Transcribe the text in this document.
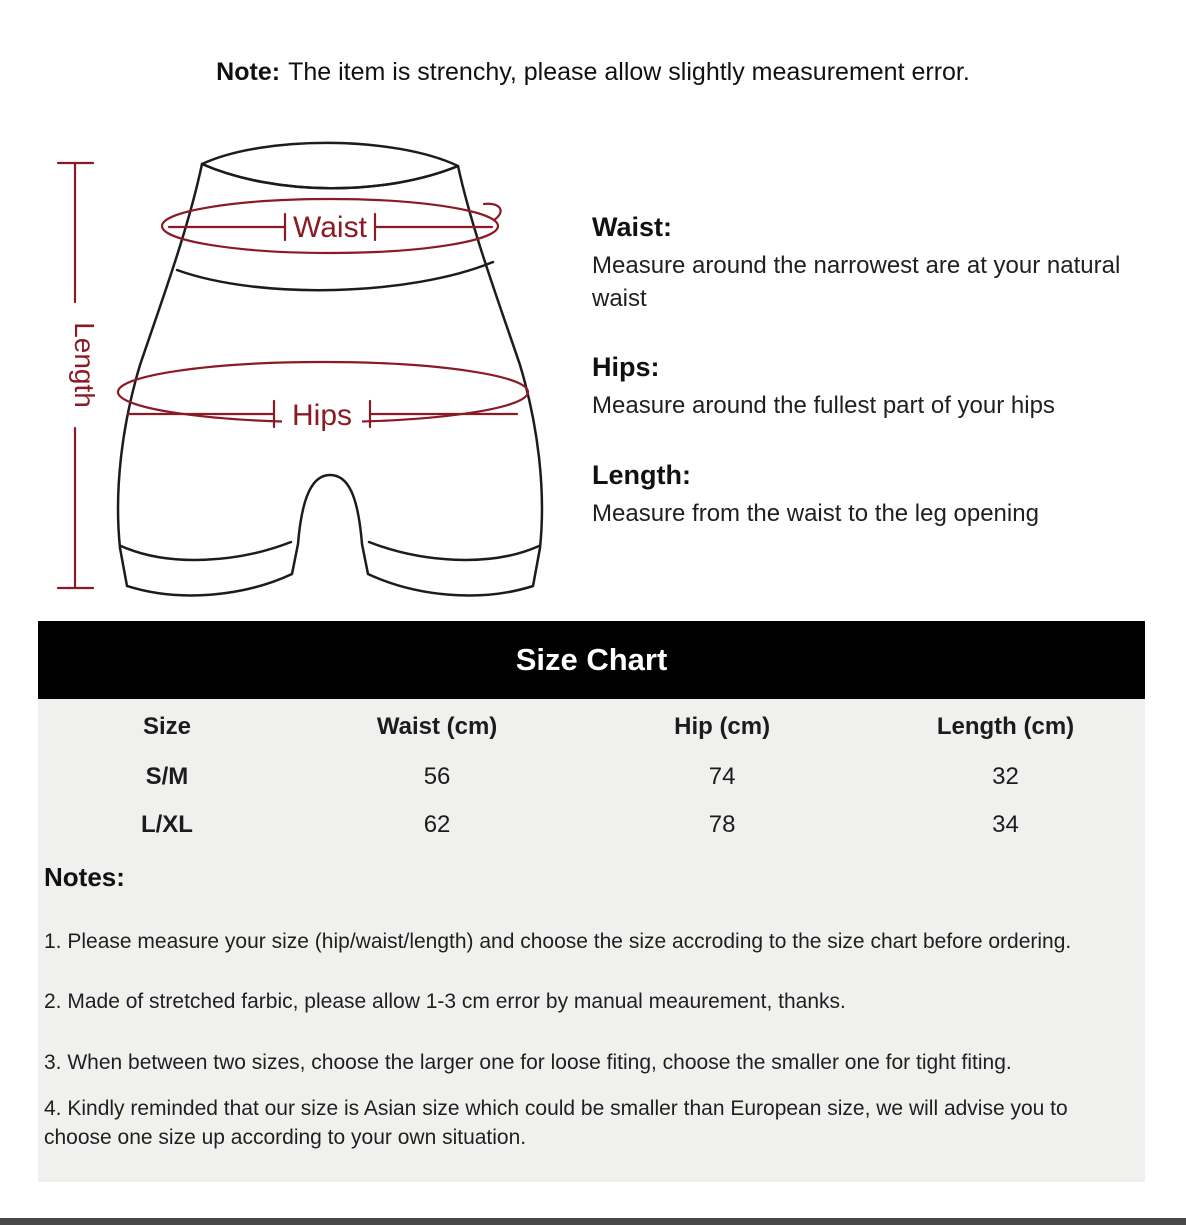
Note: The item is strenchy, please allow slightly measurement error.
Waist
Hips
Length
Waist:
Measure around the narrowest are at your natural waist
Hips:
Measure around the fullest part of your hips
Length:
Measure from the waist to the leg opening
Size Chart
Size	Waist (cm)	Hip (cm)	Length (cm)
S/M	56	74	32
L/XL	62	78	34
Notes:
1. Please measure your size (hip/waist/length) and choose the size accroding to the size chart before ordering.
2. Made of stretched farbic, please allow 1-3 cm error by manual meaurement, thanks.
3. When between two sizes, choose the larger one for loose fiting, choose the smaller one for tight fiting.
4. Kindly reminded that our size is Asian size which could be smaller than European size, we will advise you to choose one size up according to your own situation.
